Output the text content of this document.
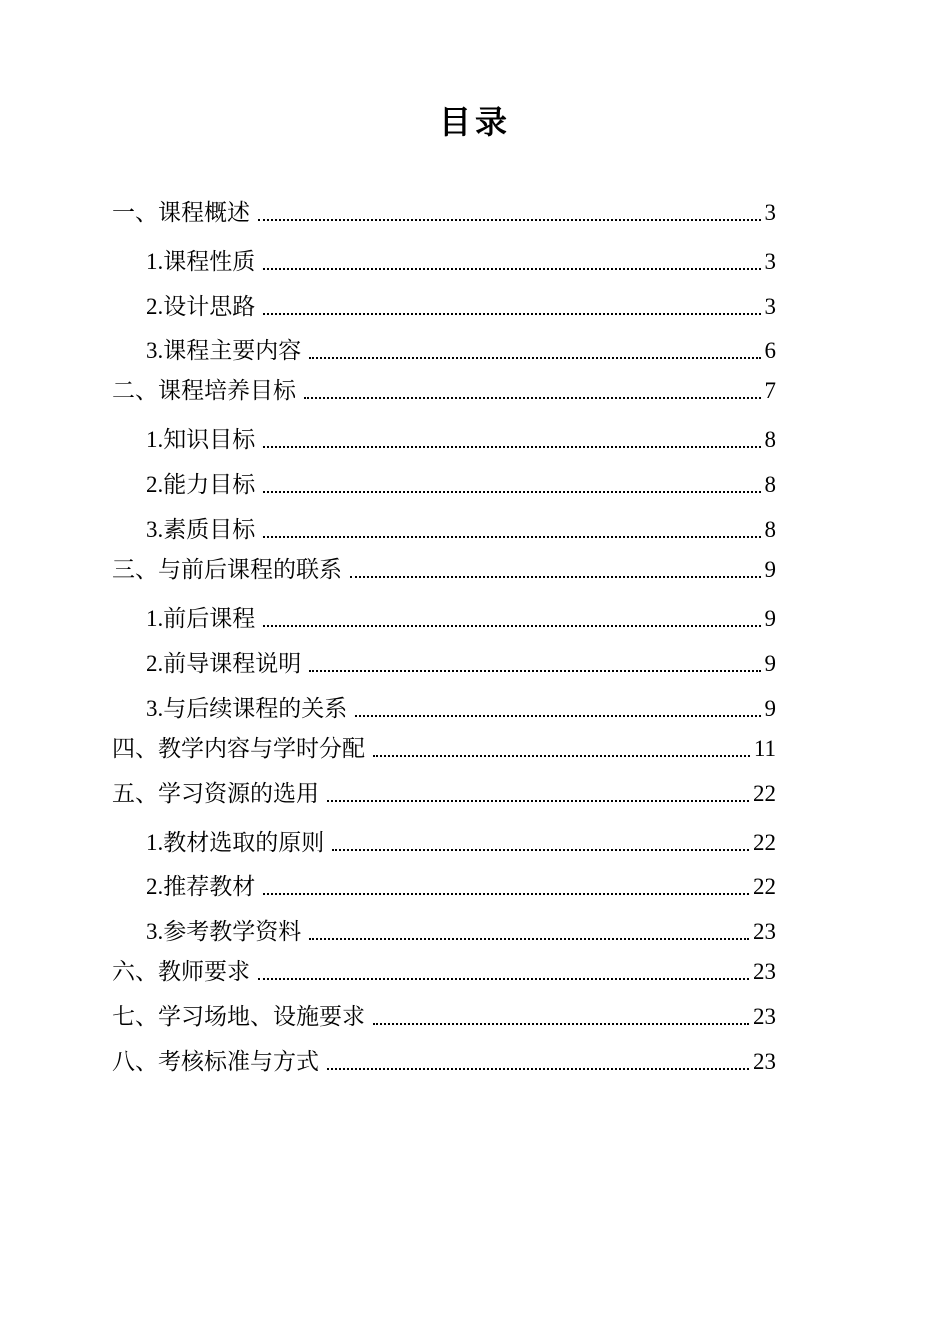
目录
一、 课程概述	3
1. 课程性质	3
2. 设计思路	3
3. 课程主要内容	6
二、 课程培养目标	7
1. 知识目标	8
2. 能力目标	8
3. 素质目标	8
三、 与前后课程的联系	9
1. 前后课程	9
2. 前导课程说明	9
3. 与后续课程的关系	9
四、 教学内容与学时分配	11
五、 学习资源的选用	22
1. 教材选取的原则	22
2. 推荐教材	22
3. 参考教学资料	23
六、 教师要求	23
七、 学习场地、设施要求	23
八、 考核标准与方式	23
